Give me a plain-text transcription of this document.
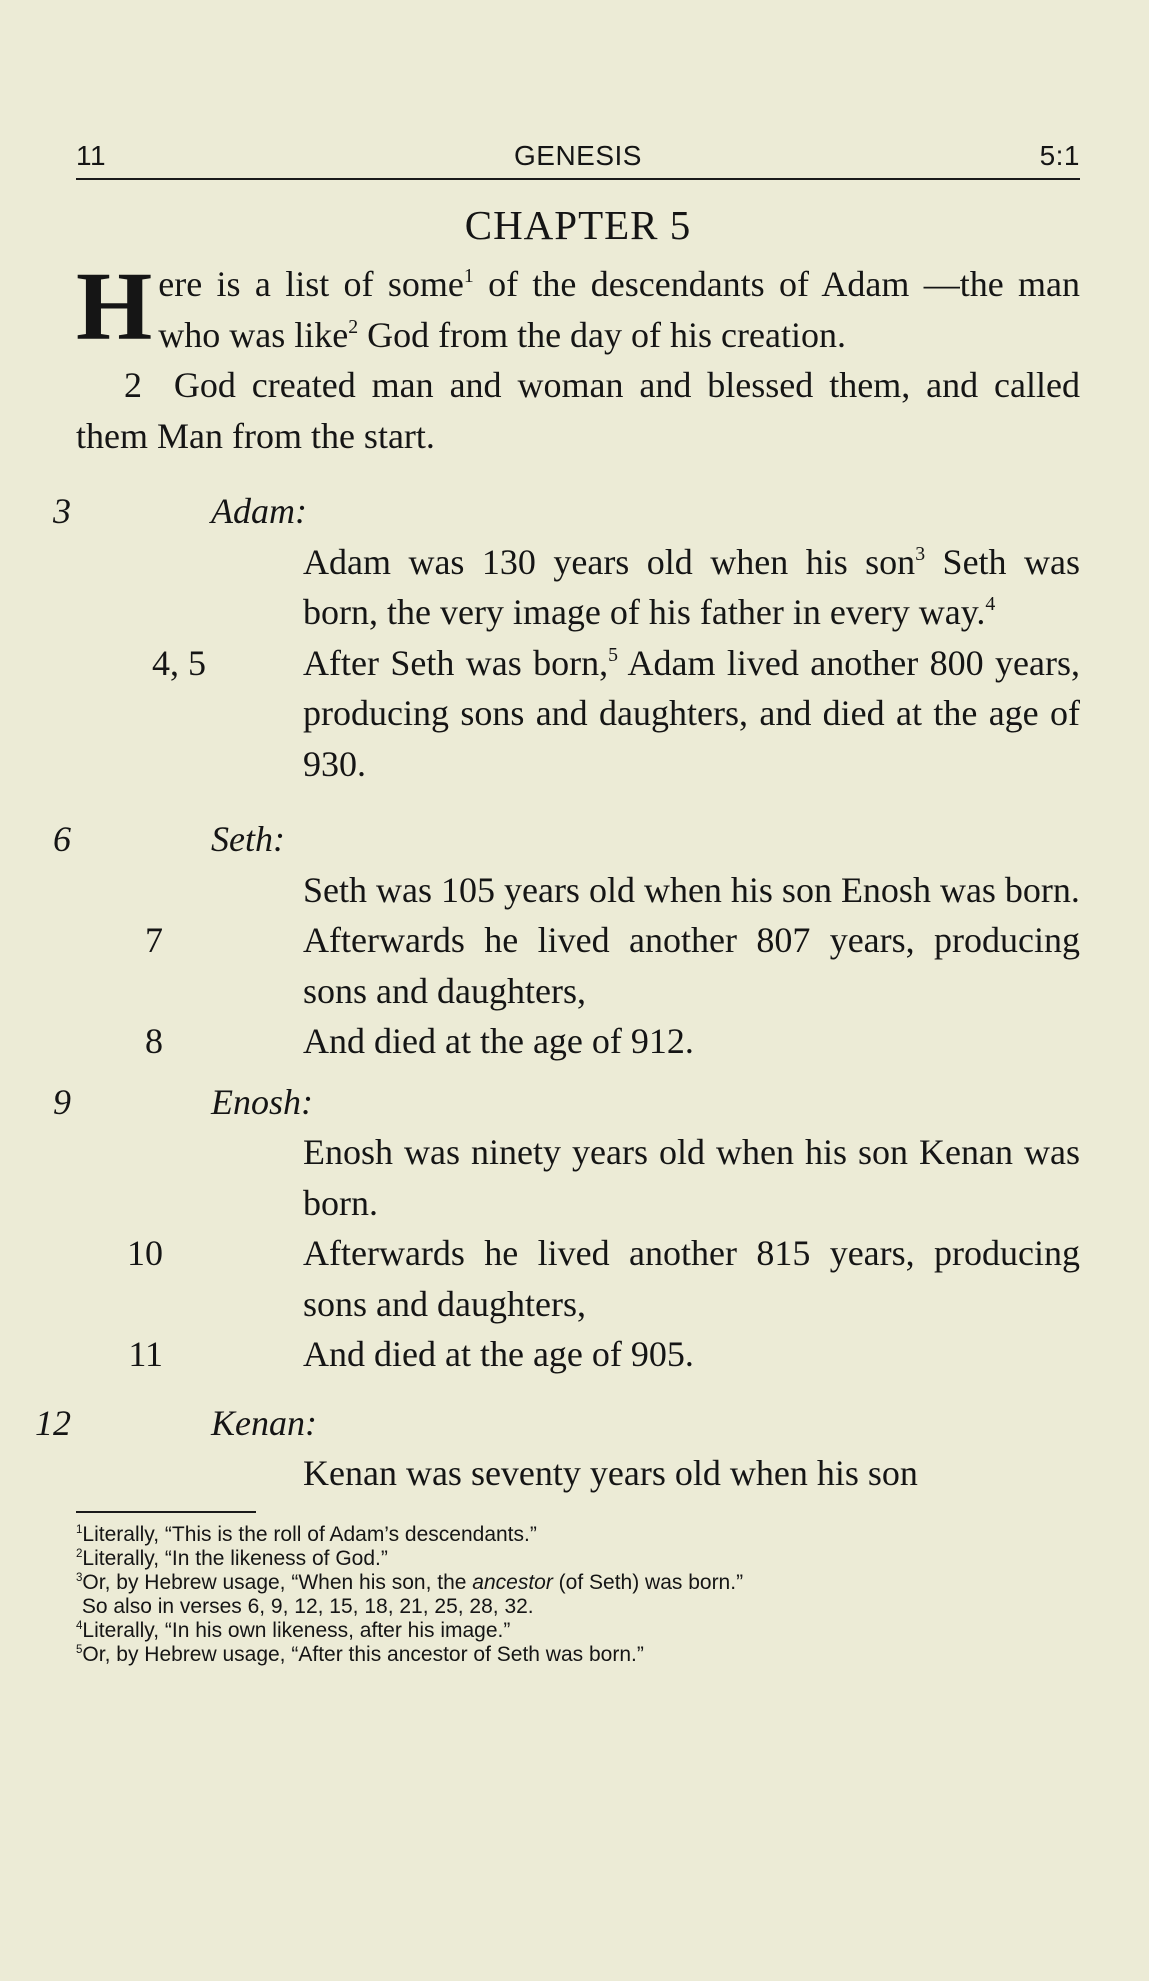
11	GENESIS	5:1
CHAPTER 5
Here is a list of some$^1$ of the descendants of Adam —the man who was like$^2$ God from the day of his creation.
2 God created man and woman and blessed them, and called them Man from the start.
3	Adam:
Adam was 130 years old when his son$^3$ Seth was born, the very image of his father in every way.$^4$
4, 5	After Seth was born,$^5$ Adam lived another 800 years, producing sons and daughters, and died at the age of 930.
6	Seth:
Seth was 105 years old when his son Enosh was born.
7	Afterwards he lived another 807 years, producing sons and daughters,
8	And died at the age of 912.
9	Enosh:
Enosh was ninety years old when his son Kenan was born.
10	Afterwards he lived another 815 years, producing sons and daughters,
11	And died at the age of 905.
12	Kenan:
Kenan was seventy years old when his son

$^1$Literally, “This is the roll of Adam’s descendants.”

$^2$Literally, “In the likeness of God.”

$^3$Or, by Hebrew usage, “When his son, the ancestor (of Seth) was born.”

So also in verses 6, 9, 12, 15, 18, 21, 25, 28, 32.

$^4$Literally, “In his own likeness, after his image.”

$^5$Or, by Hebrew usage, “After this ancestor of Seth was born.”
